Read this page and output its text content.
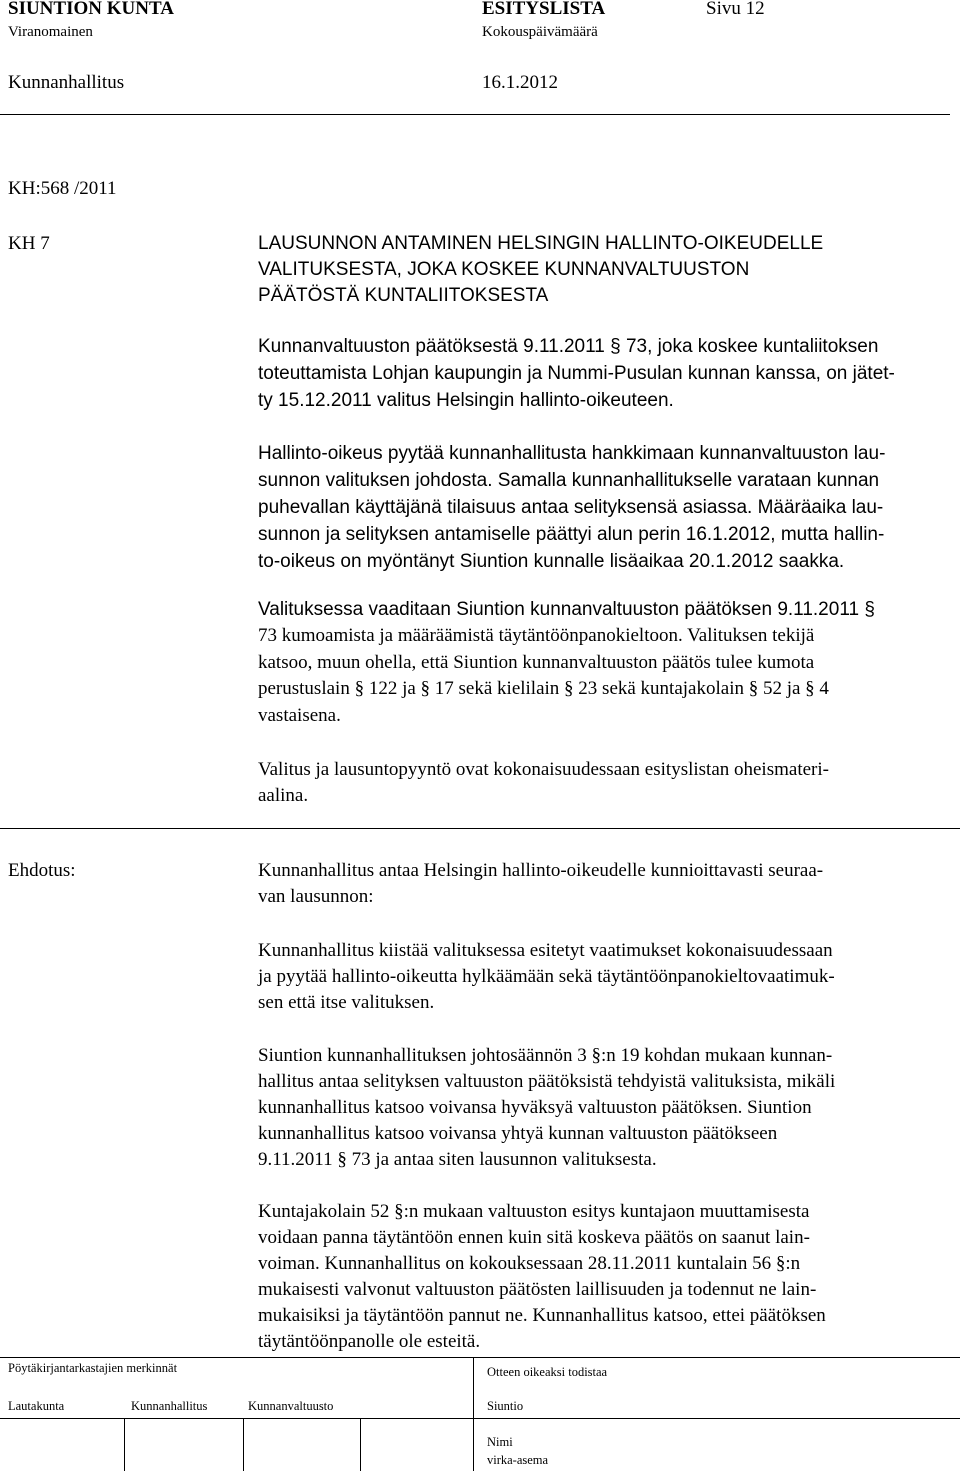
SIUNTION KUNTA	ESITYSLISTA	Sivu 12
Viranomainen	Kokouspäivämäärä
Kunnanhallitus	16.1.2012
KH:568 /2011
KH 7	LAUSUNNON ANTAMINEN HELSINGIN HALLINTO-OIKEUDELLE
VALITUKSESTA, JOKA KOSKEE KUNNANVALTUUSTON
PÄÄTÖSTÄ KUNTALIITOKSESTA
Kunnanvaltuuston päätöksestä 9.11.2011 § 73, joka koskee kuntaliitoksen
toteuttamista Lohjan kaupungin ja Nummi-Pusulan kunnan kanssa, on jätet-
ty 15.12.2011 valitus Helsingin hallinto-oikeuteen.
Hallinto-oikeus pyytää kunnanhallitusta hankkimaan kunnanvaltuuston lau-
sunnon valituksen johdosta. Samalla kunnanhallitukselle varataan kunnan
puhevallan käyttäjänä tilaisuus antaa selityksensä asiassa. Määräaika lau-
sunnon ja selityksen antamiselle päättyi alun perin 16.1.2012, mutta hallin-
to-oikeus on myöntänyt Siuntion kunnalle lisäaikaa 20.1.2012 saakka.
Valituksessa vaaditaan Siuntion kunnanvaltuuston päätöksen 9.11.2011 §
73 kumoamista ja määräämistä täytäntöönpanokieltoon. Valituksen tekijä
katsoo, muun ohella, että Siuntion kunnanvaltuuston päätös tulee kumota
perustuslain § 122 ja § 17 sekä kielilain § 23 sekä kuntajakolain § 52 ja § 4
vastaisena.
Valitus ja lausuntopyyntö ovat kokonaisuudessaan esityslistan oheismateri-
aalina.
Ehdotus:	Kunnanhallitus antaa Helsingin hallinto-oikeudelle kunnioittavasti seuraa-
van lausunnon:
Kunnanhallitus kiistää valituksessa esitetyt vaatimukset kokonaisuudessaan
ja pyytää hallinto-oikeutta hylkäämään sekä täytäntöönpanokieltovaatimuk-
sen että itse valituksen.
Siuntion kunnanhallituksen johtosäännön 3 §:n 19 kohdan mukaan kunnan-
hallitus antaa selityksen valtuuston päätöksistä tehdyistä valituksista, mikäli
kunnanhallitus katsoo voivansa hyväksyä valtuuston päätöksen. Siuntion
kunnanhallitus katsoo voivansa yhtyä kunnan valtuuston päätökseen
9.11.2011 § 73 ja antaa siten lausunnon valituksesta.
Kuntajakolain 52 §:n mukaan valtuuston esitys kuntajaon muuttamisesta
voidaan panna täytäntöön ennen kuin sitä koskeva päätös on saanut lain-
voiman. Kunnanhallitus on kokouksessaan 28.11.2011 kuntalain 56 §:n
mukaisesti valvonut valtuuston päätösten laillisuuden ja todennut ne lain-
mukaisiksi ja täytäntöön pannut ne. Kunnanhallitus katsoo, ettei päätöksen
täytäntöönpanolle ole esteitä.
Pöytäkirjantarkastajien merkinnät	Otteen oikeaksi todistaa
Lautakunta	Kunnanhallitus	Kunnanvaltuusto	Siuntio
Nimi
virka-asema
